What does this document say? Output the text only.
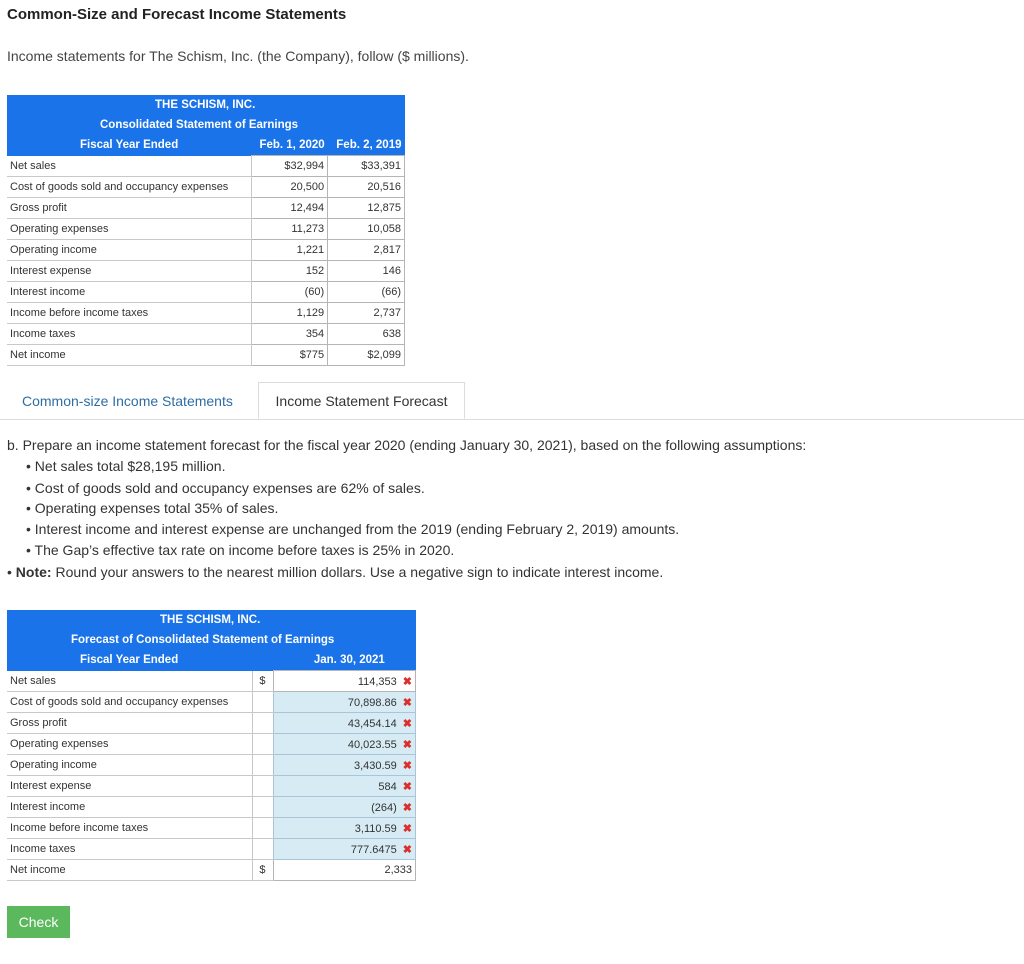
Common-Size and Forecast Income Statements
Income statements for The Schism, Inc. (the Company), follow ($ millions).
THE SCHISM, INC.		
Consolidated Statement of Earnings		
Fiscal Year Ended	Feb. 1, 2020	Feb. 2, 2019
Net sales	$32,994	$33,391
Cost of goods sold and occupancy expenses	20,500	20,516
Gross profit	12,494	12,875
Operating expenses	11,273	10,058
Operating income	1,221	2,817
Interest expense	152	146
Interest income	(60)	(66)
Income before income taxes	1,129	2,737
Income taxes	354	638
Net income	$775	$2,099
Common-size Income Statements	Income Statement Forecast
b. Prepare an income statement forecast for the fiscal year 2020 (ending January 30, 2021), based on the following assumptions:
• Net sales total $28,195 million.
• Cost of goods sold and occupancy expenses are 62% of sales.
• Operating expenses total 35% of sales.
• Interest income and interest expense are unchanged from the 2019 (ending February 2, 2019) amounts.
• The Gap’s effective tax rate on income before taxes is 25% in 2020.
• Note: Round your answers to the nearest million dollars. Use a negative sign to indicate interest income.
THE SCHISM, INC.		
Forecast of Consolidated Statement of Earnings		
Fiscal Year Ended		Jan. 30, 2021
Net sales	$	114,353 ✖
Cost of goods sold and occupancy expenses		70,898.86 ✖
Gross profit		43,454.14 ✖
Operating expenses		40,023.55 ✖
Operating income		3,430.59 ✖
Interest expense		584 ✖
Interest income		(264) ✖
Income before income taxes		3,110.59 ✖
Income taxes		777.6475 ✖
Net income	$	2,333
Check
